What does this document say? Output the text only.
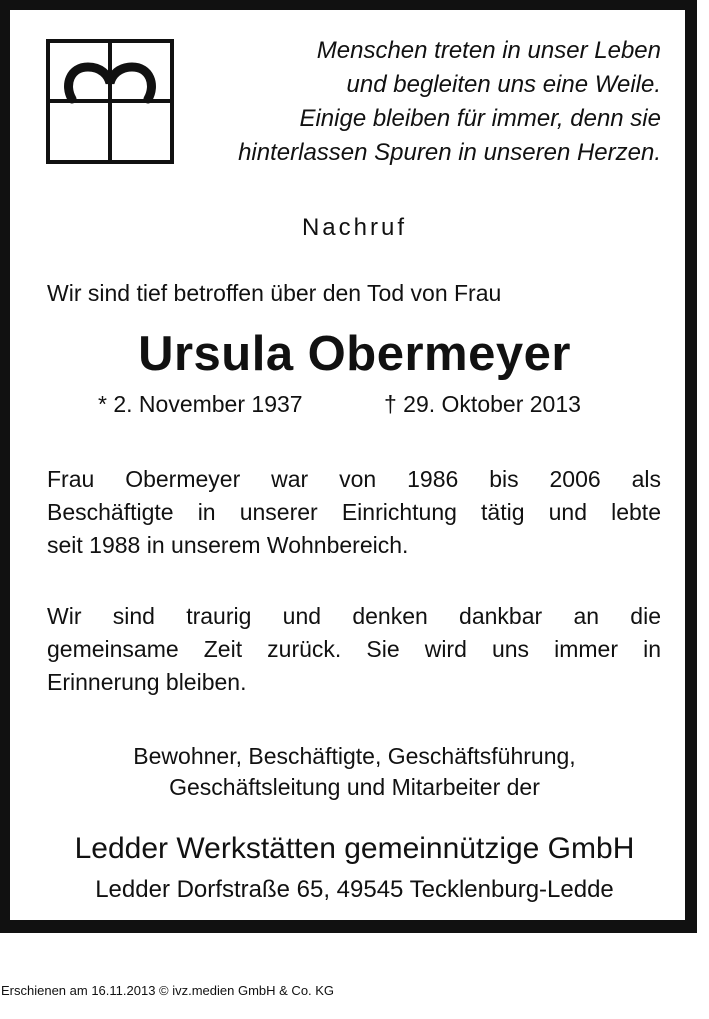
Menschen treten in unser Leben
und begleiten uns eine Weile.
Einige bleiben für immer, denn sie
hinterlassen Spuren in unseren Herzen.
Nachruf
Wir sind tief betroffen über den Tod von Frau
Ursula Obermeyer
* 2. November 1937	† 29. Oktober 2013
Frau Obermeyer war von 1986 bis 2006 als
Beschäftigte in unserer Einrichtung tätig und lebte
seit 1988 in unserem Wohnbereich.
Wir sind traurig und denken dankbar an die
gemeinsame Zeit zurück. Sie wird uns immer in
Erinnerung bleiben.
Bewohner, Beschäftigte, Geschäftsführung,
Geschäftsleitung und Mitarbeiter der
Ledder Werkstätten gemeinnützige GmbH
Ledder Dorfstraße 65, 49545 Tecklenburg-Ledde
Erschienen am 16.11.2013 © ivz.medien GmbH & Co. KG
